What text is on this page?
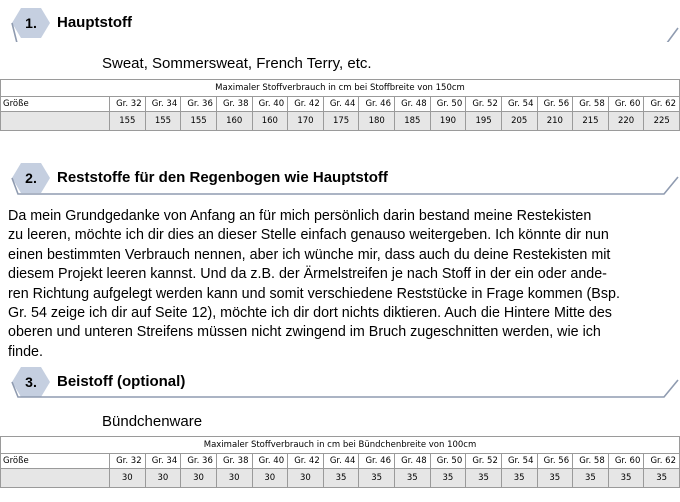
1.	Hauptstoff
Sweat, Sommersweat, French Terry, etc.
Maximaler Stoffverbrauch in cm bei Stoffbreite von 150cm																
Größe	Gr. 32	Gr. 34	Gr. 36	Gr. 38	Gr. 40	Gr. 42	Gr. 44	Gr. 46	Gr. 48	Gr. 50	Gr. 52	Gr. 54	Gr. 56	Gr. 58	Gr. 60	Gr. 62
	155	155	155	160	160	170	175	180	185	190	195	205	210	215	220	225
2.	Reststoffe für den Regenbogen wie Hauptstoff

Da mein Grundgedanke von Anfang an für mich persönlich darin bestand meine Restekisten
zu leeren, möchte ich dir dies an dieser Stelle einfach genauso weitergeben. Ich könnte dir nun
einen bestimmten Verbrauch nennen, aber ich wünche mir, dass auch du deine Restekisten mit
diesem Projekt leeren kannst. Und da z.B. der Ärmelstreifen je nach Stoff in der ein oder ande-
ren Richtung aufgelegt werden kann und somit verschiedene Reststücke in Frage kommen (Bsp.
Gr. 54 zeige ich dir auf Seite 12), möchte ich dir dort nichts diktieren. Auch die Hintere Mitte des
oberen und unteren Streifens müssen nicht zwingend im Bruch zugeschnitten werden, wie ich
finde.

3.	Beistoff (optional)
Bündchenware
Maximaler Stoffverbrauch in cm bei Bündchenbreite von 100cm																
Größe	Gr. 32	Gr. 34	Gr. 36	Gr. 38	Gr. 40	Gr. 42	Gr. 44	Gr. 46	Gr. 48	Gr. 50	Gr. 52	Gr. 54	Gr. 56	Gr. 58	Gr. 60	Gr. 62
	30	30	30	30	30	30	35	35	35	35	35	35	35	35	35	35
